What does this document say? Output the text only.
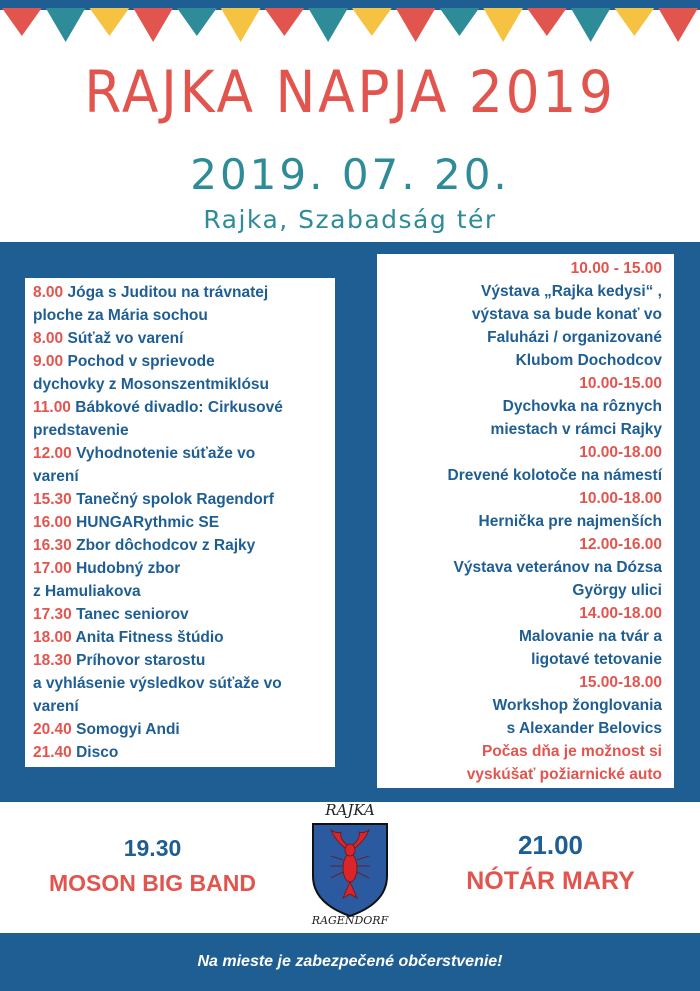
RAJKA NAPJA 2019
2019. 07. 20.
Rajka, Szabadság tér
8.00 Jóga s Juditou na trávnatej
ploche za Mária sochou
8.00 Súťaž vo varení
9.00 Pochod v sprievode
dychovky z Mosonszentmiklósu
11.00 Bábkové divadlo: Cirkusové
predstavenie
12.00 Vyhodnotenie súťaže vo
varení
15.30 Tanečný spolok Ragendorf
16.00 HUNGARythmic SE
16.30 Zbor dôchodcov z Rajky
17.00 Hudobný zbor
z Hamuliakova
17.30 Tanec seniorov
18.00 Anita Fitness štúdio
18.30 Príhovor starostu
a vyhlásenie výsledkov súťaže vo
varení
20.40 Somogyi Andi
21.40 Disco
10.00 - 15.00
Výstava „Rajka kedysi“ ,
výstava sa bude konať vo
Faluházi / organizované
Klubom Dochodcov
10.00-15.00
Dychovka na rôznych
miestach v rámci Rajky
10.00-18.00
Drevené kolotoče na námestí
10.00-18.00
Hernička pre najmenších
12.00-16.00
Výstava veteránov na Dózsa
György ulici
14.00-18.00
Malovanie na tvár a
ligotavé tetovanie
15.00-18.00
Workshop žonglovania
s Alexander Belovics
Počas dňa je možnost si
vyskúšať požiarnické auto
19.30
MOSON BIG BAND
RAJKA
RAGENDORF
21.00
NÓTÁR MARY
Na mieste je zabezpečené občerstvenie!
